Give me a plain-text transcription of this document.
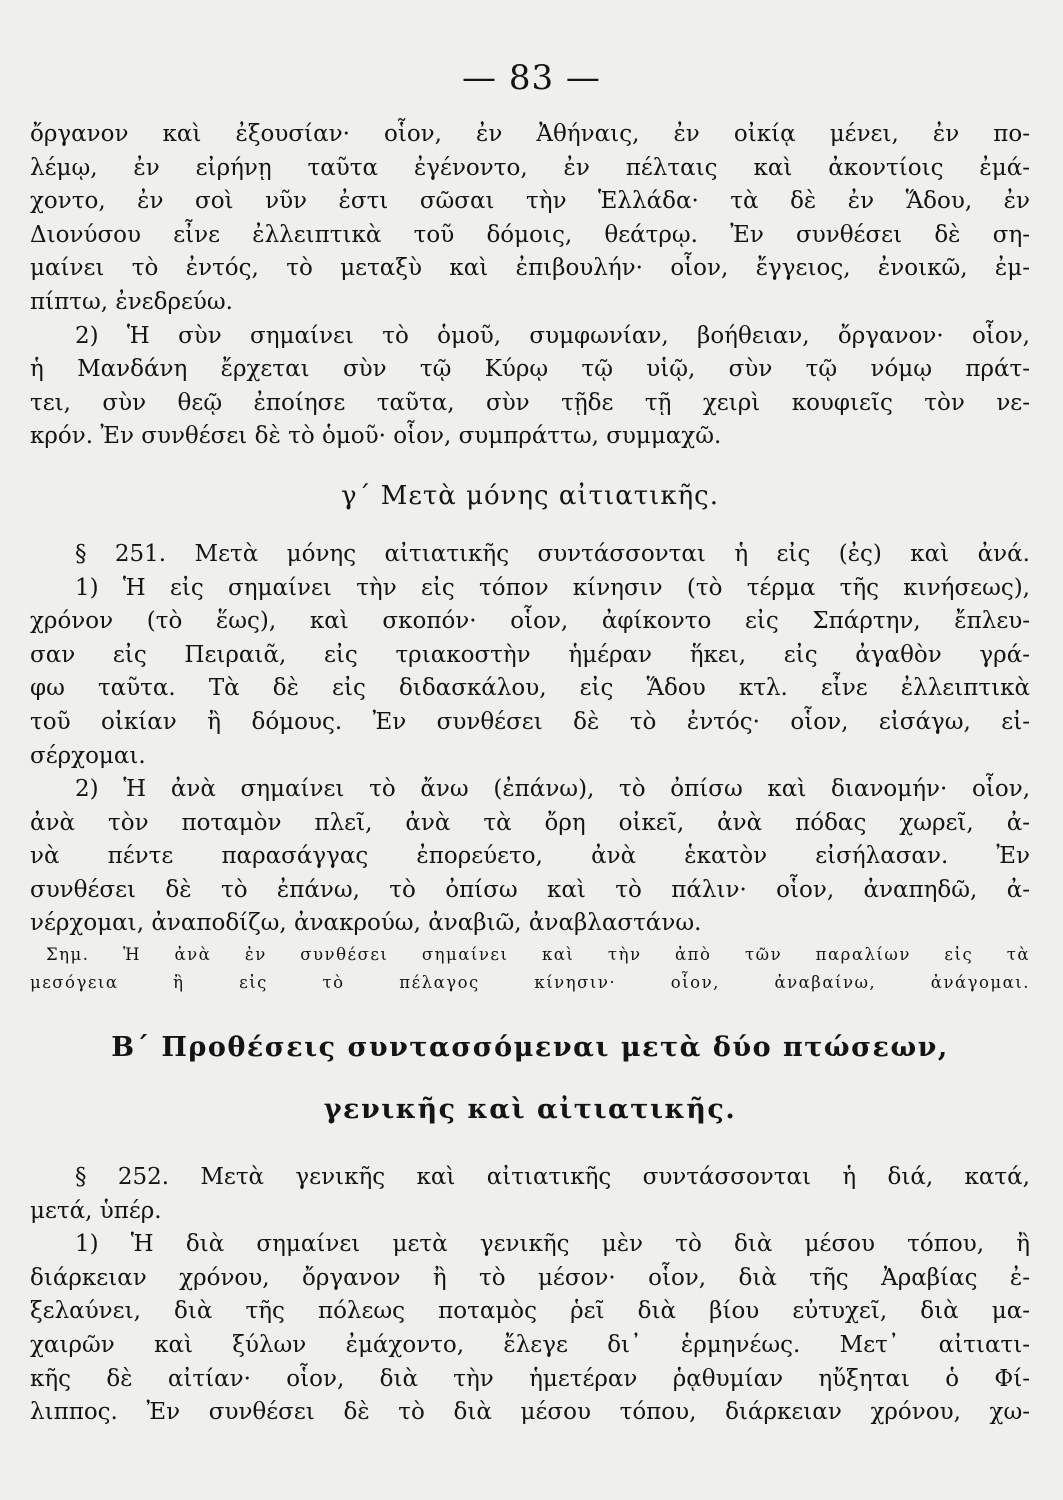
— 83 —
ὄργανον καὶ ἐξουσίαν· οἷον, ἐν Ἀθήναις, ἐν οἰκίᾳ μένει, ἐν πο-
λέμῳ, ἐν εἰρήνῃ ταῦτα ἐγένοντο, ἐν πέλταις καὶ ἀκοντίοις ἐμά-
χοντο, ἐν σοὶ νῦν ἐστι σῶσαι τὴν Ἑλλάδα· τὰ δὲ ἐν Ἅδου, ἐν
Διονύσου εἶνε ἐλλειπτικὰ τοῦ δόμοις, θεάτρῳ. Ἐν συνθέσει δὲ ση-
μαίνει τὸ ἐντός, τὸ μεταξὺ καὶ ἐπιβουλήν· οἷον, ἔγγειος, ἐνοικῶ, ἐμ-
πίπτω, ἐνεδρεύω.
2) Ἡ σὺν σημαίνει τὸ ὁμοῦ, συμφωνίαν, βοήθειαν, ὄργανον· οἷον,
ἡ Μανδάνη ἔρχεται σὺν τῷ Κύρῳ τῷ υἱῷ, σὺν τῷ νόμῳ πράτ-
τει, σὺν θεῷ ἐποίησε ταῦτα, σὺν τῇδε τῇ χειρὶ κουφιεῖς τὸν νε-
κρόν. Ἐν συνθέσει δὲ τὸ ὁμοῦ· οἷον, συμπράττω, συμμαχῶ.
γ΄ Μετὰ μόνης αἰτιατικῆς.
§ 251. Μετὰ μόνης αἰτιατικῆς συντάσσονται ἡ εἰς (ἐς) καὶ ἀνά.
1) Ἡ εἰς σημαίνει τὴν εἰς τόπον κίνησιν (τὸ τέρμα τῆς κινήσεως),
χρόνον (τὸ ἕως), καὶ σκοπόν· οἷον, ἀφίκοντο εἰς Σπάρτην, ἔπλευ-
σαν εἰς Πειραιᾶ, εἰς τριακοστὴν ἡμέραν ἥκει, εἰς ἀγαθὸν γρά-
φω ταῦτα. Τὰ δὲ εἰς διδασκάλου, εἰς Ἅδου κτλ. εἶνε ἐλλειπτικὰ
τοῦ οἰκίαν ἢ δόμους. Ἐν συνθέσει δὲ τὸ ἐντός· οἷον, εἰσάγω, εἰ-
σέρχομαι.
2) Ἡ ἀνὰ σημαίνει τὸ ἄνω (ἐπάνω), τὸ ὀπίσω καὶ διανομήν· οἷον,
ἀνὰ τὸν ποταμὸν πλεῖ, ἀνὰ τὰ ὄρη οἰκεῖ, ἀνὰ πόδας χωρεῖ, ἀ-
νὰ πέντε παρασάγγας ἐπορεύετο, ἀνὰ ἑκατὸν εἰσήλασαν. Ἐν
συνθέσει δὲ τὸ ἐπάνω, τὸ ὀπίσω καὶ τὸ πάλιν· οἷον, ἀναπηδῶ, ἀ-
νέρχομαι, ἀναποδίζω, ἀνακρούω, ἀναβιῶ, ἀναβλαστάνω.
Σημ. Ἡ ἀνὰ ἐν συνθέσει σημαίνει καὶ τὴν ἀπὸ τῶν παραλίων εἰς τὰ
μεσόγεια ἢ εἰς τὸ πέλαγος κίνησιν· οἷον, ἀναβαίνω, ἀνάγομαι.
Β΄ Προθέσεις συντασσόμεναι μετὰ δύο πτώσεων,
γενικῆς καὶ αἰτιατικῆς.
§ 252. Μετὰ γενικῆς καὶ αἰτιατικῆς συντάσσονται ἡ διά, κατά,
μετά, ὑπέρ.
1) Ἡ διὰ σημαίνει μετὰ γενικῆς μὲν τὸ διὰ μέσου τόπου, ἢ
διάρκειαν χρόνου, ὄργανον ἢ τὸ μέσον· οἷον, διὰ τῆς Ἀραβίας ἐ-
ξελαύνει, διὰ τῆς πόλεως ποταμὸς ῥεῖ διὰ βίου εὐτυχεῖ, διὰ μα-
χαιρῶν καὶ ξύλων ἐμάχοντο, ἔλεγε δι᾽ ἑρμηνέως. Μετ᾽ αἰτιατι-
κῆς δὲ αἰτίαν· οἷον, διὰ τὴν ἡμετέραν ῥᾳθυμίαν ηὔξηται ὁ Φί-
λιππος. Ἐν συνθέσει δὲ τὸ διὰ μέσου τόπου, διάρκειαν χρόνου, χω-
